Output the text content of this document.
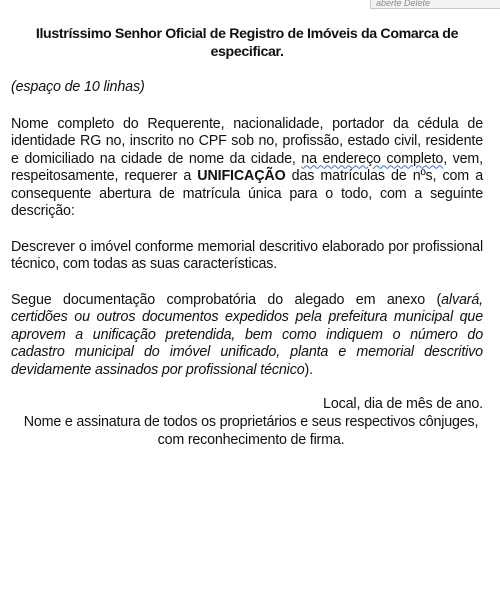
aberte Delete

Ilustríssimo Senhor Oficial de Registro de Imóveis da Comarca de especificar.

(espaço de 10 linhas)

Nome completo do Requerente, nacionalidade, portador da cédula de identidade RG no, inscrito no CPF sob no, profissão, estado civil, residente e domiciliado na cidade de nome da cidade, na endereço completo, vem, respeitosamente, requerer a UNIFICAÇÃO das matrículas de nºs, com a consequente abertura de matrícula única para o todo, com a seguinte descrição:

Descrever o imóvel conforme memorial descritivo elaborado por profissional técnico, com todas as suas características.

Segue documentação comprobatória do alegado em anexo (alvará, certidões ou outros documentos expedidos pela prefeitura municipal que aprovem a unificação pretendida, bem como indiquem o número do cadastro municipal do imóvel unificado, planta e memorial descritivo devidamente assinados por profissional técnico).

Local, dia de mês de ano.

Nome e assinatura de todos os proprietários e seus respectivos cônjuges, com reconhecimento de firma.
